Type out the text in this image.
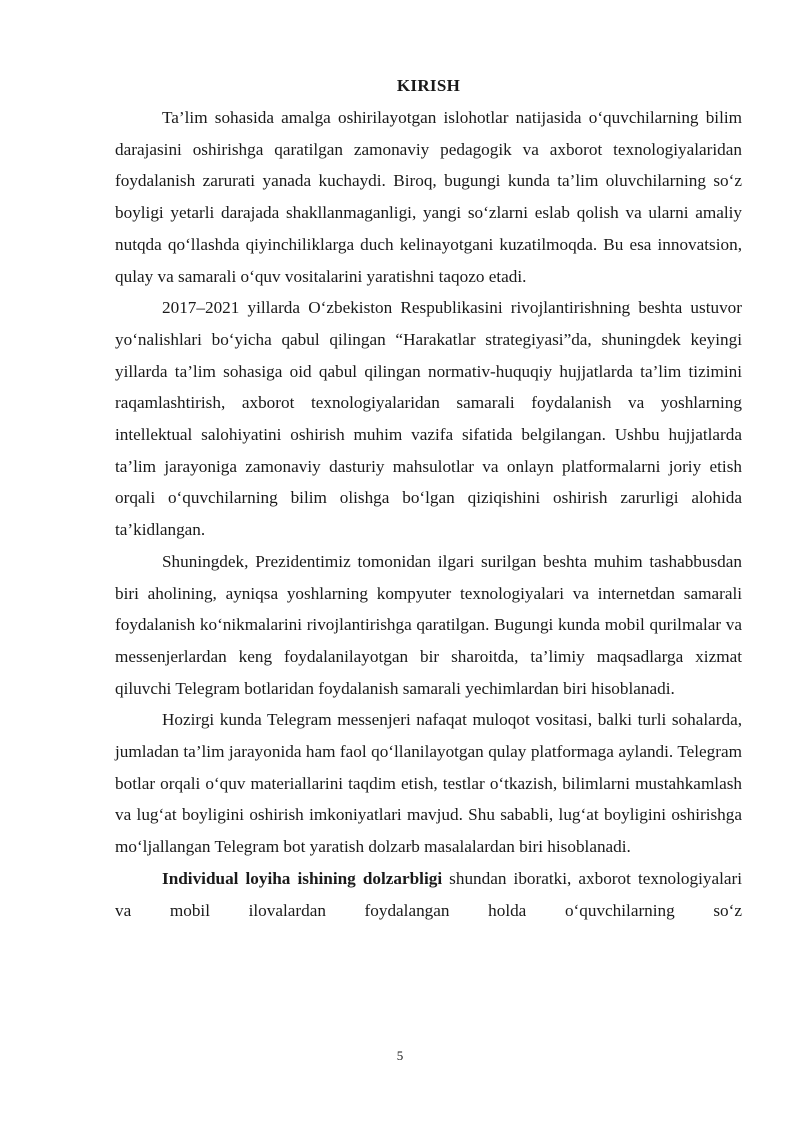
KIRISH

Ta’lim sohasida amalga oshirilayotgan islohotlar natijasida o‘quvchilarning bilim darajasini oshirishga qaratilgan zamonaviy pedagogik va axborot texnologiyalaridan foydalanish zarurati yanada kuchaydi. Biroq, bugungi kunda ta’lim oluvchilarning so‘z boyligi yetarli darajada shakllanmaganligi, yangi so‘zlarni eslab qolish va ularni amaliy nutqda qo‘llashda qiyinchiliklarga duch kelinayotgani kuzatilmoqda. Bu esa innovatsion, qulay va samarali o‘quv vositalarini yaratishni taqozo etadi.

2017–2021 yillarda O‘zbekiston Respublikasini rivojlantirishning beshta ustuvor yo‘nalishlari bo‘yicha qabul qilingan “Harakatlar strategiyasi”da, shuningdek keyingi yillarda ta’lim sohasiga oid qabul qilingan normativ-huquqiy hujjatlarda ta’lim tizimini raqamlashtirish, axborot texnologiyalaridan samarali foydalanish va yoshlarning intellektual salohiyatini oshirish muhim vazifa sifatida belgilangan. Ushbu hujjatlarda ta’lim jarayoniga zamonaviy dasturiy mahsulotlar va onlayn platformalarni joriy etish orqali o‘quvchilarning bilim olishga bo‘lgan qiziqishini oshirish zarurligi alohida ta’kidlangan.

Shuningdek, Prezidentimiz tomonidan ilgari surilgan beshta muhim tashabbusdan biri aholining, ayniqsa yoshlarning kompyuter texnologiyalari va internetdan samarali foydalanish ko‘nikmalarini rivojlantirishga qaratilgan. Bugungi kunda mobil qurilmalar va messenjerlardan keng foydalanilayotgan bir sharoitda, ta’limiy maqsadlarga xizmat qiluvchi Telegram botlaridan foydalanish samarali yechimlardan biri hisoblanadi.

Hozirgi kunda Telegram messenjeri nafaqat muloqot vositasi, balki turli sohalarda, jumladan ta’lim jarayonida ham faol qo‘llanilayotgan qulay platformaga aylandi. Telegram botlar orqali o‘quv materiallarini taqdim etish, testlar o‘tkazish, bilimlarni mustahkamlash va lug‘at boyligini oshirish imkoniyatlari mavjud. Shu sababli, lug‘at boyligini oshirishga mo‘ljallangan Telegram bot yaratish dolzarb masalalardan biri hisoblanadi.

Individual loyiha ishining dolzarbligi shundan iboratki, axborot texnologiyalari va mobil ilovalardan foydalangan holda o‘quvchilarning so‘z

5
